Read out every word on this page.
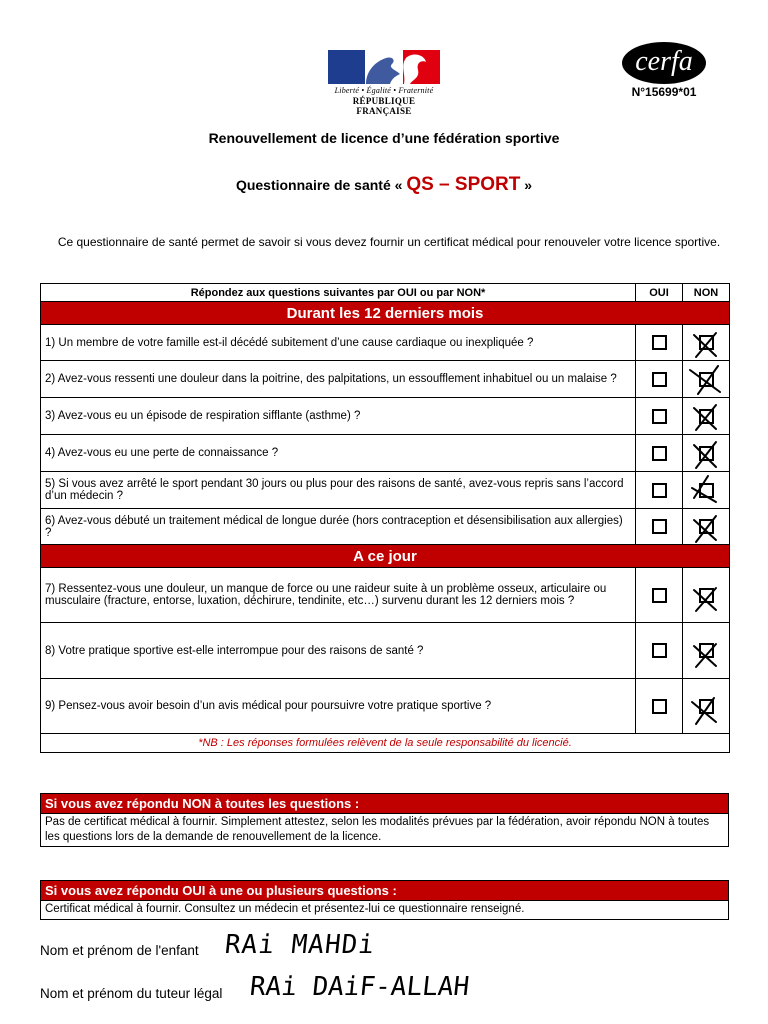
Liberté • Égalité • Fraternité
RÉPUBLIQUE FRANÇAISE
cerfa
N°15699*01
Renouvellement de licence d’une fédération sportive
Questionnaire de santé « QS – SPORT »
Ce questionnaire de santé permet de savoir si vous devez fournir un certificat médical pour renouveler votre licence sportive.
Répondez aux questions suivantes par OUI ou par NON*	OUI	NON
Durant les 12 derniers mois		
1) Un membre de votre famille est-il décédé subitement d’une cause cardiaque ou inexpliquée ?		
2) Avez-vous ressenti une douleur dans la poitrine, des palpitations, un essoufflement inhabituel ou un malaise ?		
3) Avez-vous eu un épisode de respiration sifflante (asthme) ?		
4) Avez-vous eu une perte de connaissance ?		
5) Si vous avez arrêté le sport pendant 30 jours ou plus pour des raisons de santé, avez-vous repris sans l’accord d’un médecin ?		
6) Avez-vous débuté un traitement médical de longue durée (hors contraception et désensibilisation aux allergies) ?		
A ce jour		
7) Ressentez-vous une douleur, un manque de force ou une raideur suite à un problème osseux, articulaire ou musculaire (fracture, entorse, luxation, déchirure, tendinite, etc…) survenu durant les 12 derniers mois ?		
8) Votre pratique sportive est-elle interrompue pour des raisons de santé ?		
9) Pensez-vous avoir besoin d’un avis médical pour poursuivre votre pratique sportive ?		
*NB : Les réponses formulées relèvent de la seule responsabilité du licencié.		
Si vous avez répondu NON à toutes les questions :
Pas de certificat médical à fournir. Simplement attestez, selon les modalités prévues par la fédération, avoir répondu NON à toutes les questions lors de la demande de renouvellement de la licence.
Si vous avez répondu OUI à une ou plusieurs questions :
Certificat médical à fournir. Consultez un médecin et présentez-lui ce questionnaire renseigné.
Nom et prénom de l'enfant RAi MAHDi
Nom et prénom du tuteur légal RAi DAiF-ALLAH
